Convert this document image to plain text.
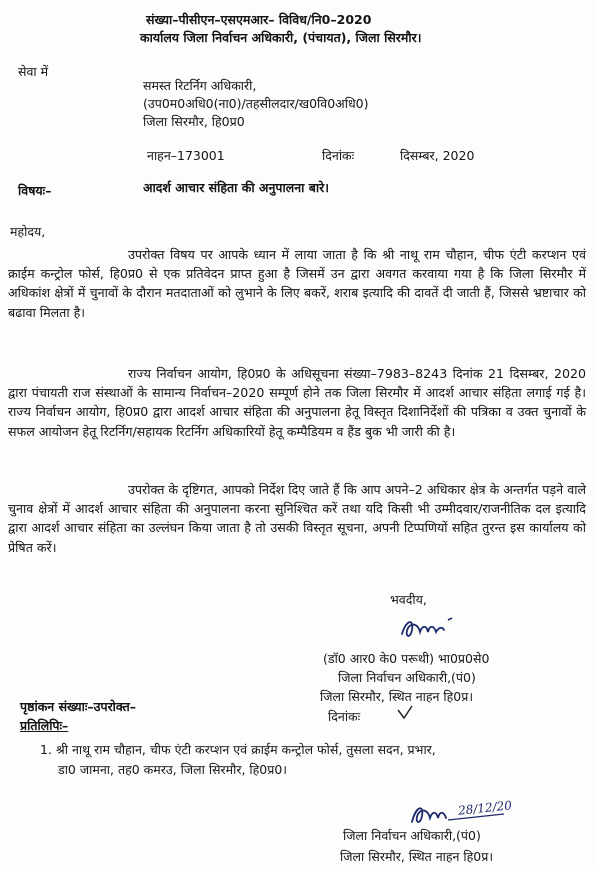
संख्या–पीसीएन–एसएमआर– विविध/नि0–2020
कार्यालय जिला निर्वाचन अधिकारी, (पंचायत), जिला सिरमौर।
सेवा में
समस्त रिटर्निग अधिकारी,
(उप0म0अधि0(ना0)/तहसीलदार/ख0वि0अधि0)
जिला सिरमौर, हि0प्र0
नाहन–173001	दिनांकः	दिसम्बर, 2020
विषयः–	आदर्श आचार संहिता की अनुपालना बारे।
महोदय,
उपरोक्त विषय पर आपके ध्यान में लाया जाता है कि श्री नाथू राम चौहान, चीफ एंटी करप्शन एवं क्राईम कन्ट्रोल फोर्स, हि0प्र0 से एक प्रतिवेदन प्राप्त हुआ है जिसमें उन द्वारा अवगत करवाया गया है कि जिला सिरमौर में अधिकांश क्षेत्रों में चुनावों के दौरान मतदाताओं को लुभाने के लिए बकरें, शराब इत्यादि की दावतें दी जाती हैं, जिससे भ्रष्टाचार को बढावा मिलता है।
राज्य निर्वाचन आयोग, हि0प्र0 के अधिसूचना संख्या–7983–8243 दिनांक 21 दिसम्बर, 2020 द्वारा पंचायती राज संस्थाओं के सामान्य निर्वाचन–2020 सम्पूर्ण होने तक जिला सिरमौर में आदर्श आचार संहिता लगाई गई है। राज्य निर्वाचन आयोग, हि0प्र0 द्वारा आदर्श आचार संहिता की अनुपालना हेतू विस्तृत दिशानिर्देशों की पत्रिका व उक्त चुनावों के सफल आयोजन हेतू रिटर्निग/सहायक रिटर्निग अधिकारियों हेतू कम्पैडियम व हैंड बुक भी जारी की है।
उपरोक्त के दृष्टिगत, आपको निर्देश दिए जाते हैं कि आप अपने–2 अधिकार क्षेत्र के अन्तर्गत पड़ने वाले चुनाव क्षेत्रों में आदर्श आचार संहिता की अनुपालना करना सुनिश्चित करें तथा यदि किसी भी उम्मीदवार/राजनीतिक दल इत्यादि द्वारा आदर्श आचार संहिता का उल्लंघन किया जाता है तो उसकी विस्तृत सूचना, अपनी टिप्पणियों सहित तुरन्त इस कार्यालय को प्रेषित करें।
भवदीय,
(डॉ0 आर0 के0 परूथी) भा0प्र0से0
जिला निर्वाचन अधिकारी,(पं0)
जिला सिरमौर, स्थित नाहन हि0प्र।
पृष्ठांकन संख्याः–उपरोक्त–
दिनांकः
प्रतिलिपिः–
1. श्री नाथू राम चौहान, चीफ एंटी करप्शन एवं क्राईम कन्ट्रोल फोर्स, तुसला सदन, प्रभार,
डा0 जामना, तह0 कमरउ, जिला सिरमौर, हि0प्र0।
28/12/20
जिला निर्वाचन अधिकारी,(पं0)
जिला सिरमौर, स्थित नाहन हि0प्र।
